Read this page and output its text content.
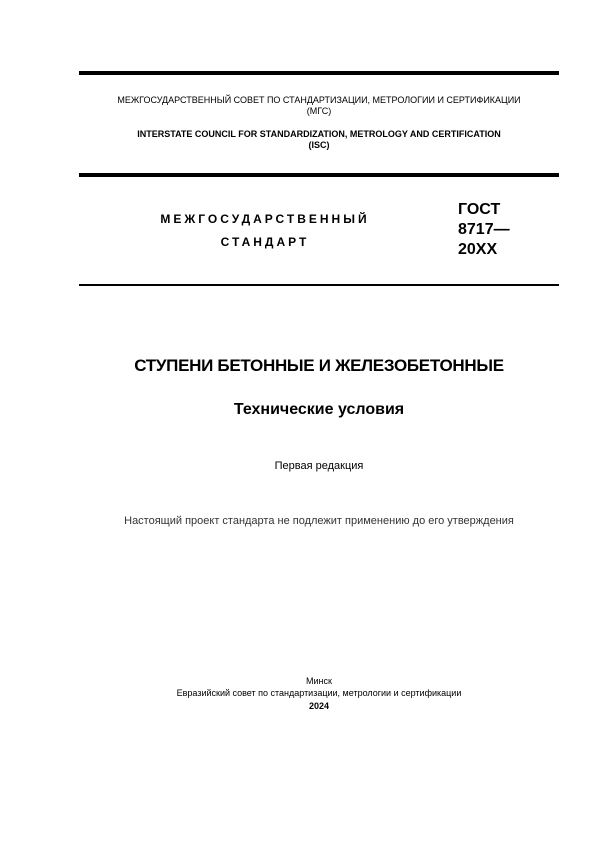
МЕЖГОСУДАРСТВЕННЫЙ СОВЕТ ПО СТАНДАРТИЗАЦИИ, МЕТРОЛОГИИ И СЕРТИФИКАЦИИ
(МГС)
INTERSTATE COUNCIL FOR STANDARDIZATION, METROLOGY AND CERTIFICATION
(ISC)
МЕЖГОСУДАРСТВЕННЫЙ
СТАНДАРТ
ГОСТ
8717—
20XX
СТУПЕНИ БЕТОННЫЕ И ЖЕЛЕЗОБЕТОННЫЕ
Технические условия
Первая редакция
Настоящий проект стандарта не подлежит применению до его утверждения
Минск
Евразийский совет по стандартизации, метрологии и сертификации
2024
